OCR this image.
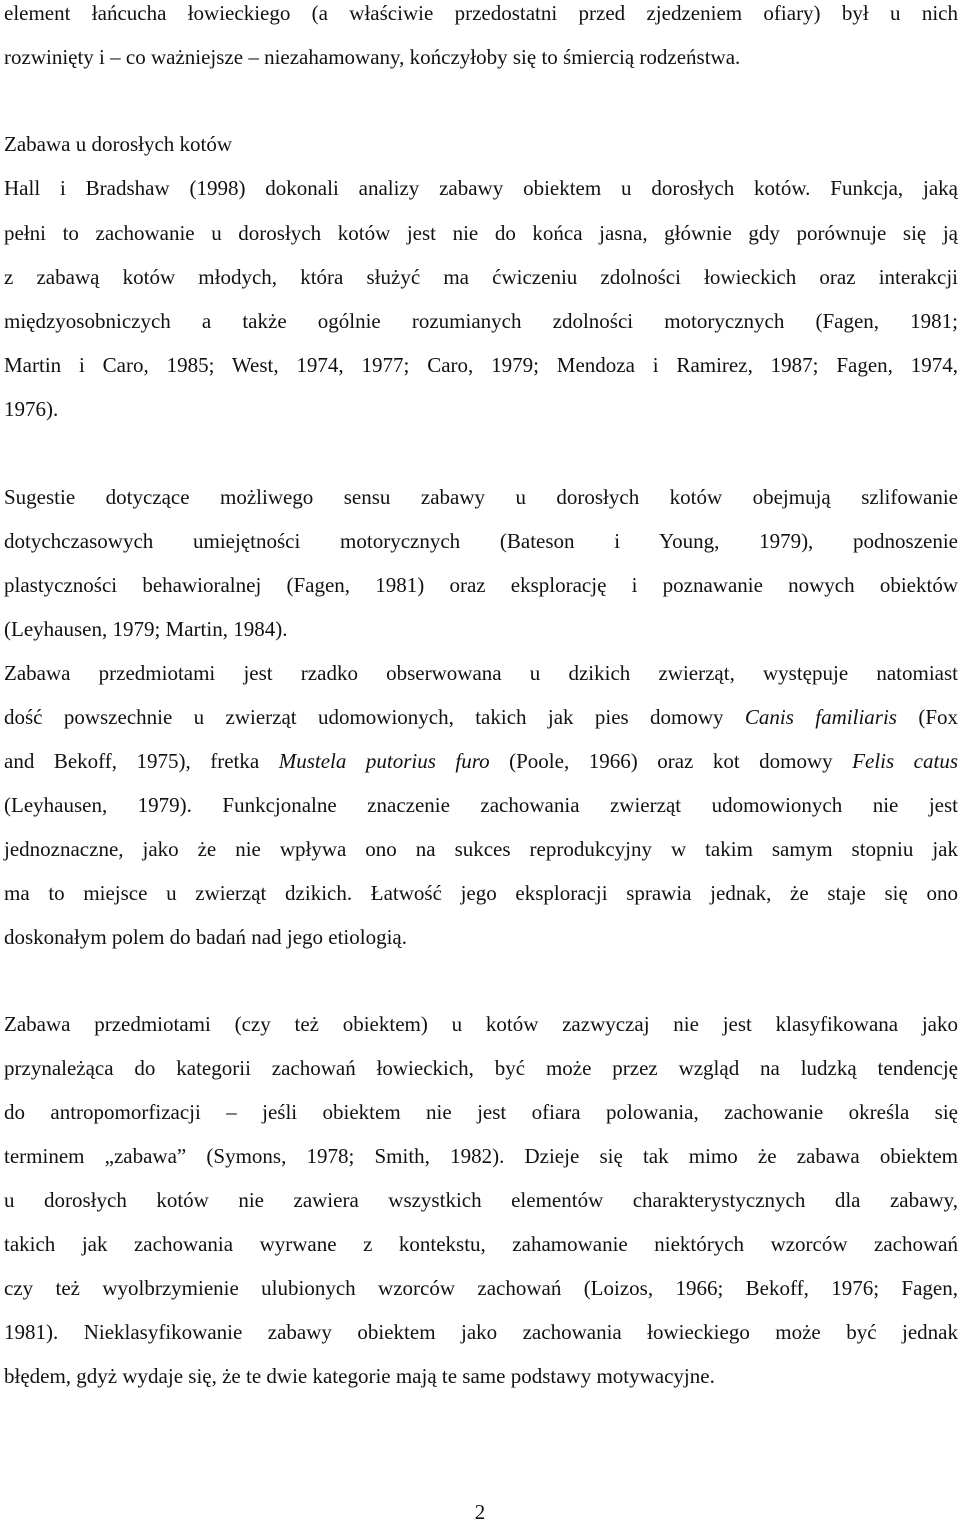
element łańcucha łowieckiego (a właściwie przedostatni przed zjedzeniem ofiary) był u nich
rozwinięty i – co ważniejsze – niezahamowany, kończyłoby się to śmiercią rodzeństwa.
Zabawa u dorosłych kotów
Hall i Bradshaw (1998) dokonali analizy zabawy obiektem u dorosłych kotów. Funkcja, jaką
pełni to zachowanie u dorosłych kotów jest nie do końca jasna, głównie gdy porównuje się ją
z zabawą kotów młodych, która służyć ma ćwiczeniu zdolności łowieckich oraz interakcji
międzyosobniczych a także ogólnie rozumianych zdolności motorycznych (Fagen, 1981;
Martin i Caro, 1985; West, 1974, 1977; Caro, 1979; Mendoza i Ramirez, 1987; Fagen, 1974,
1976).
Sugestie dotyczące możliwego sensu zabawy u dorosłych kotów obejmują szlifowanie
dotychczasowych umiejętności motorycznych (Bateson i Young, 1979), podnoszenie
plastyczności behawioralnej (Fagen, 1981) oraz eksplorację i poznawanie nowych obiektów
(Leyhausen, 1979; Martin, 1984).
Zabawa przedmiotami jest rzadko obserwowana u dzikich zwierząt, występuje natomiast
dość powszechnie u zwierząt udomowionych, takich jak pies domowy Canis familiaris (Fox
and Bekoff, 1975), fretka Mustela putorius furo (Poole, 1966) oraz kot domowy Felis catus
(Leyhausen, 1979). Funkcjonalne znaczenie zachowania zwierząt udomowionych nie jest
jednoznaczne, jako że nie wpływa ono na sukces reprodukcyjny w takim samym stopniu jak
ma to miejsce u zwierząt dzikich. Łatwość jego eksploracji sprawia jednak, że staje się ono
doskonałym polem do badań nad jego etiologią.
Zabawa przedmiotami (czy też obiektem) u kotów zazwyczaj nie jest klasyfikowana jako
przynależąca do kategorii zachowań łowieckich, być może przez wzgląd na ludzką tendencję
do antropomorfizacji – jeśli obiektem nie jest ofiara polowania, zachowanie określa się
terminem „zabawa” (Symons, 1978; Smith, 1982). Dzieje się tak mimo że zabawa obiektem
u dorosłych kotów nie zawiera wszystkich elementów charakterystycznych dla zabawy,
takich jak zachowania wyrwane z kontekstu, zahamowanie niektórych wzorców zachowań
czy też wyolbrzymienie ulubionych wzorców zachowań (Loizos, 1966; Bekoff, 1976; Fagen,
1981). Nieklasyfikowanie zabawy obiektem jako zachowania łowieckiego może być jednak
błędem, gdyż wydaje się, że te dwie kategorie mają te same podstawy motywacyjne.
2
